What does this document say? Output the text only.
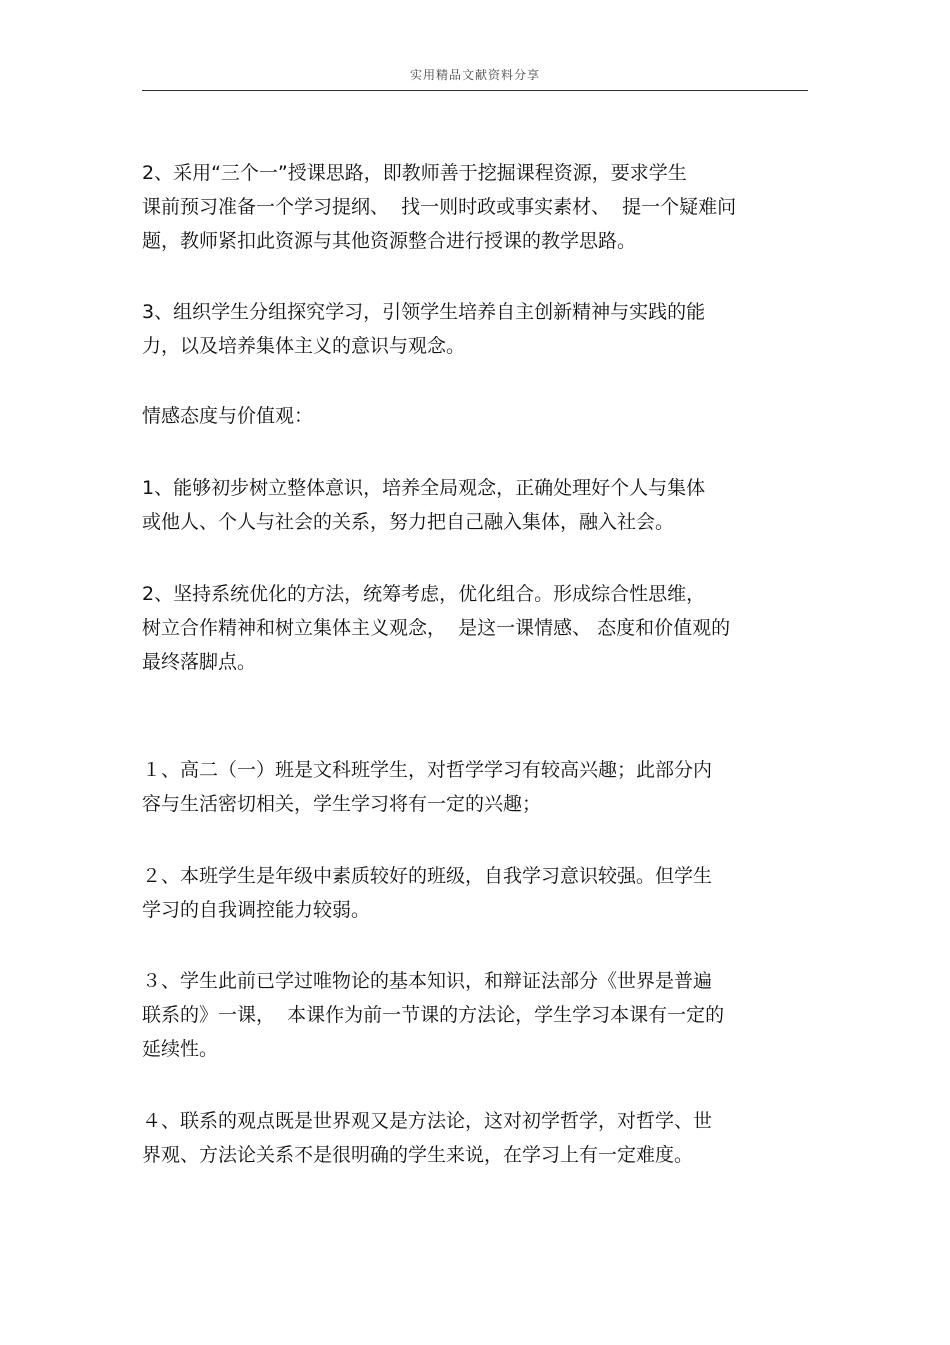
实用精品文献资料分享

2、采用“三个一”授课思路，即教师善于挖掘课程资源，要求学生
课前预习准备一个学习提纲、  找一则时政或事实素材、  提一个疑难问
题，教师紧扣此资源与其他资源整合进行授课的教学思路。

3、组织学生分组探究学习，引领学生培养自主创新精神与实践的能
力，以及培养集体主义的意识与观念。

情感态度与价值观：

1、能够初步树立整体意识，培养全局观念，正确处理好个人与集体
或他人、个人与社会的关系，努力把自己融入集体，融入社会。

2、坚持系统优化的方法，统筹考虑，优化组合。形成综合性思维，
树立合作精神和树立集体主义观念，  是这一课情感、 态度和价值观的
最终落脚点。

１、高二（一）班是文科班学生，对哲学学习有较高兴趣；此部分内
容与生活密切相关，学生学习将有一定的兴趣；

２、本班学生是年级中素质较好的班级，自我学习意识较强。但学生
学习的自我调控能力较弱。

３、学生此前已学过唯物论的基本知识，和辩证法部分《世界是普遍
联系的》一课，  本课作为前一节课的方法论，学生学习本课有一定的
延续性。

４、联系的观点既是世界观又是方法论，这对初学哲学，对哲学、世
界观、方法论关系不是很明确的学生来说，在学习上有一定难度。
